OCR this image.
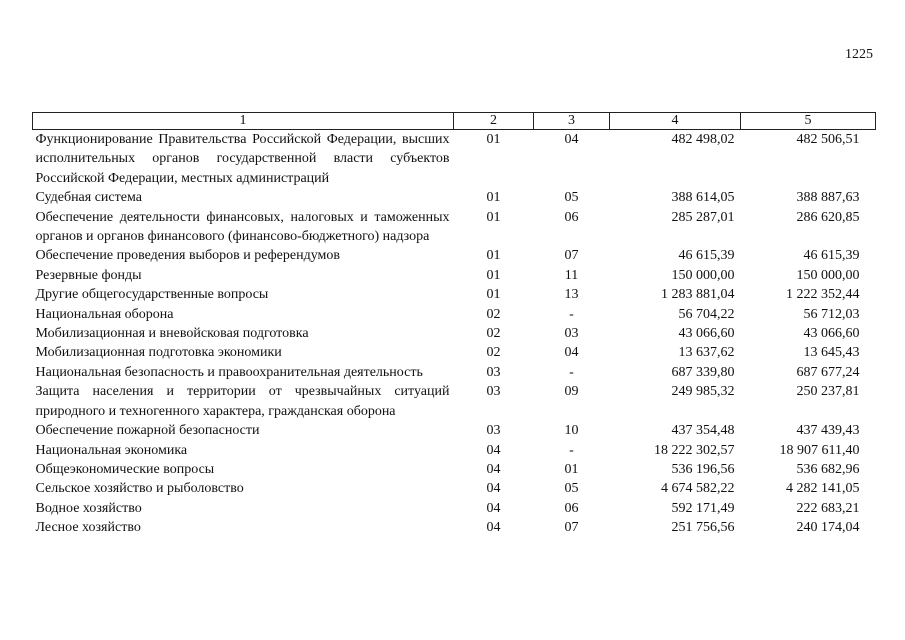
1225
1	2	3	4	5
Функционирование Правительства Российской Федерации, высших исполнительных органов государственной власти субъектов Российской Федерации, местных администраций	01	04	482 498,02	482 506,51
Судебная система	01	05	388 614,05	388 887,63
Обеспечение деятельности финансовых, налоговых и таможенных органов и органов финансового (финансово-бюджетного) надзора	01	06	285 287,01	286 620,85
Обеспечение проведения выборов и референдумов	01	07	46 615,39	46 615,39
Резервные фонды	01	11	150 000,00	150 000,00
Другие общегосударственные вопросы	01	13	1 283 881,04	1 222 352,44
Национальная оборона	02	-	56 704,22	56 712,03
Мобилизационная и вневойсковая подготовка	02	03	43 066,60	43 066,60
Мобилизационная подготовка экономики	02	04	13 637,62	13 645,43
Национальная безопасность и правоохранительная деятельность	03	-	687 339,80	687 677,24
Защита населения и территории от чрезвычайных ситуаций природного и техногенного характера, гражданская оборона	03	09	249 985,32	250 237,81
Обеспечение пожарной безопасности	03	10	437 354,48	437 439,43
Национальная экономика	04	-	18 222 302,57	18 907 611,40
Общеэкономические вопросы	04	01	536 196,56	536 682,96
Сельское хозяйство и рыболовство	04	05	4 674 582,22	4 282 141,05
Водное хозяйство	04	06	592 171,49	222 683,21
Лесное хозяйство	04	07	251 756,56	240 174,04
